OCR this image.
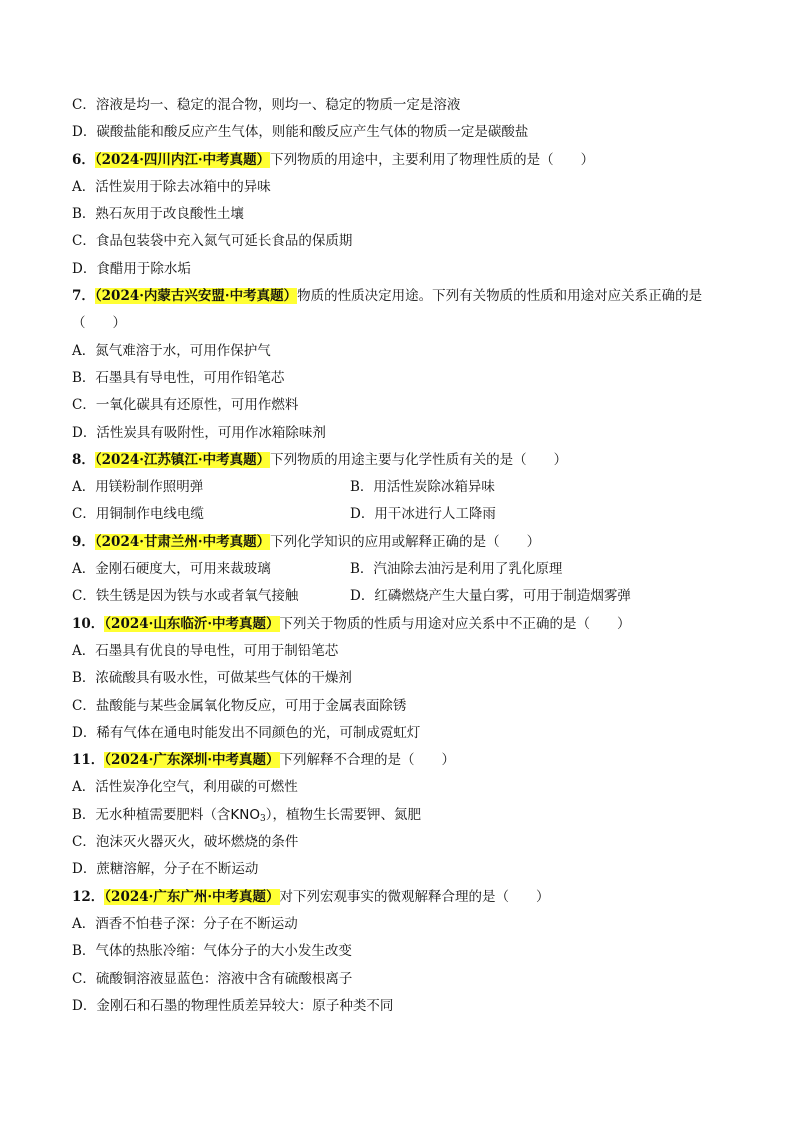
C．溶液是均一、稳定的混合物，则均一、稳定的物质一定是溶液
D．碳酸盐能和酸反应产生气体，则能和酸反应产生气体的物质一定是碳酸盐
6．（2024·四川内江·中考真题）下列物质的用途中，主要利用了物理性质的是（　　）
A．活性炭用于除去冰箱中的异味
B．熟石灰用于改良酸性土壤
C．食品包装袋中充入氮气可延长食品的保质期
D．食醋用于除水垢
7．（2024·内蒙古兴安盟·中考真题）物质的性质决定用途。下列有关物质的性质和用途对应关系正确的是
（　　）
A．氮气难溶于水，可用作保护气
B．石墨具有导电性，可用作铅笔芯
C．一氧化碳具有还原性，可用作燃料
D．活性炭具有吸附性，可用作冰箱除味剂
8．（2024·江苏镇江·中考真题）下列物质的用途主要与化学性质有关的是（　　）
A．用镁粉制作照明弹	B．用活性炭除冰箱异味
C．用铜制作电线电缆	D．用干冰进行人工降雨
9．（2024·甘肃兰州·中考真题）下列化学知识的应用或解释正确的是（　　）
A．金刚石硬度大，可用来裁玻璃	B．汽油除去油污是利用了乳化原理
C．铁生锈是因为铁与水或者氧气接触	D．红磷燃烧产生大量白雾，可用于制造烟雾弹
10．（2024·山东临沂·中考真题）下列关于物质的性质与用途对应关系中不正确的是（　　）
A．石墨具有优良的导电性，可用于制铅笔芯
B．浓硫酸具有吸水性，可做某些气体的干燥剂
C．盐酸能与某些金属氧化物反应，可用于金属表面除锈
D．稀有气体在通电时能发出不同颜色的光，可制成霓虹灯
11．（2024·广东深圳·中考真题）下列解释不合理的是（　　）
A．活性炭净化空气，利用碳的可燃性
B．无水种植需要肥料（含$KNO_3$），植物生长需要钾、氮肥
C．泡沫灭火器灭火，破坏燃烧的条件
D．蔗糖溶解，分子在不断运动
12．（2024·广东广州·中考真题）对下列宏观事实的微观解释合理的是（　　）
A．酒香不怕巷子深：分子在不断运动
B．气体的热胀冷缩：气体分子的大小发生改变
C．硫酸铜溶液显蓝色：溶液中含有硫酸根离子
D．金刚石和石墨的物理性质差异较大：原子种类不同
